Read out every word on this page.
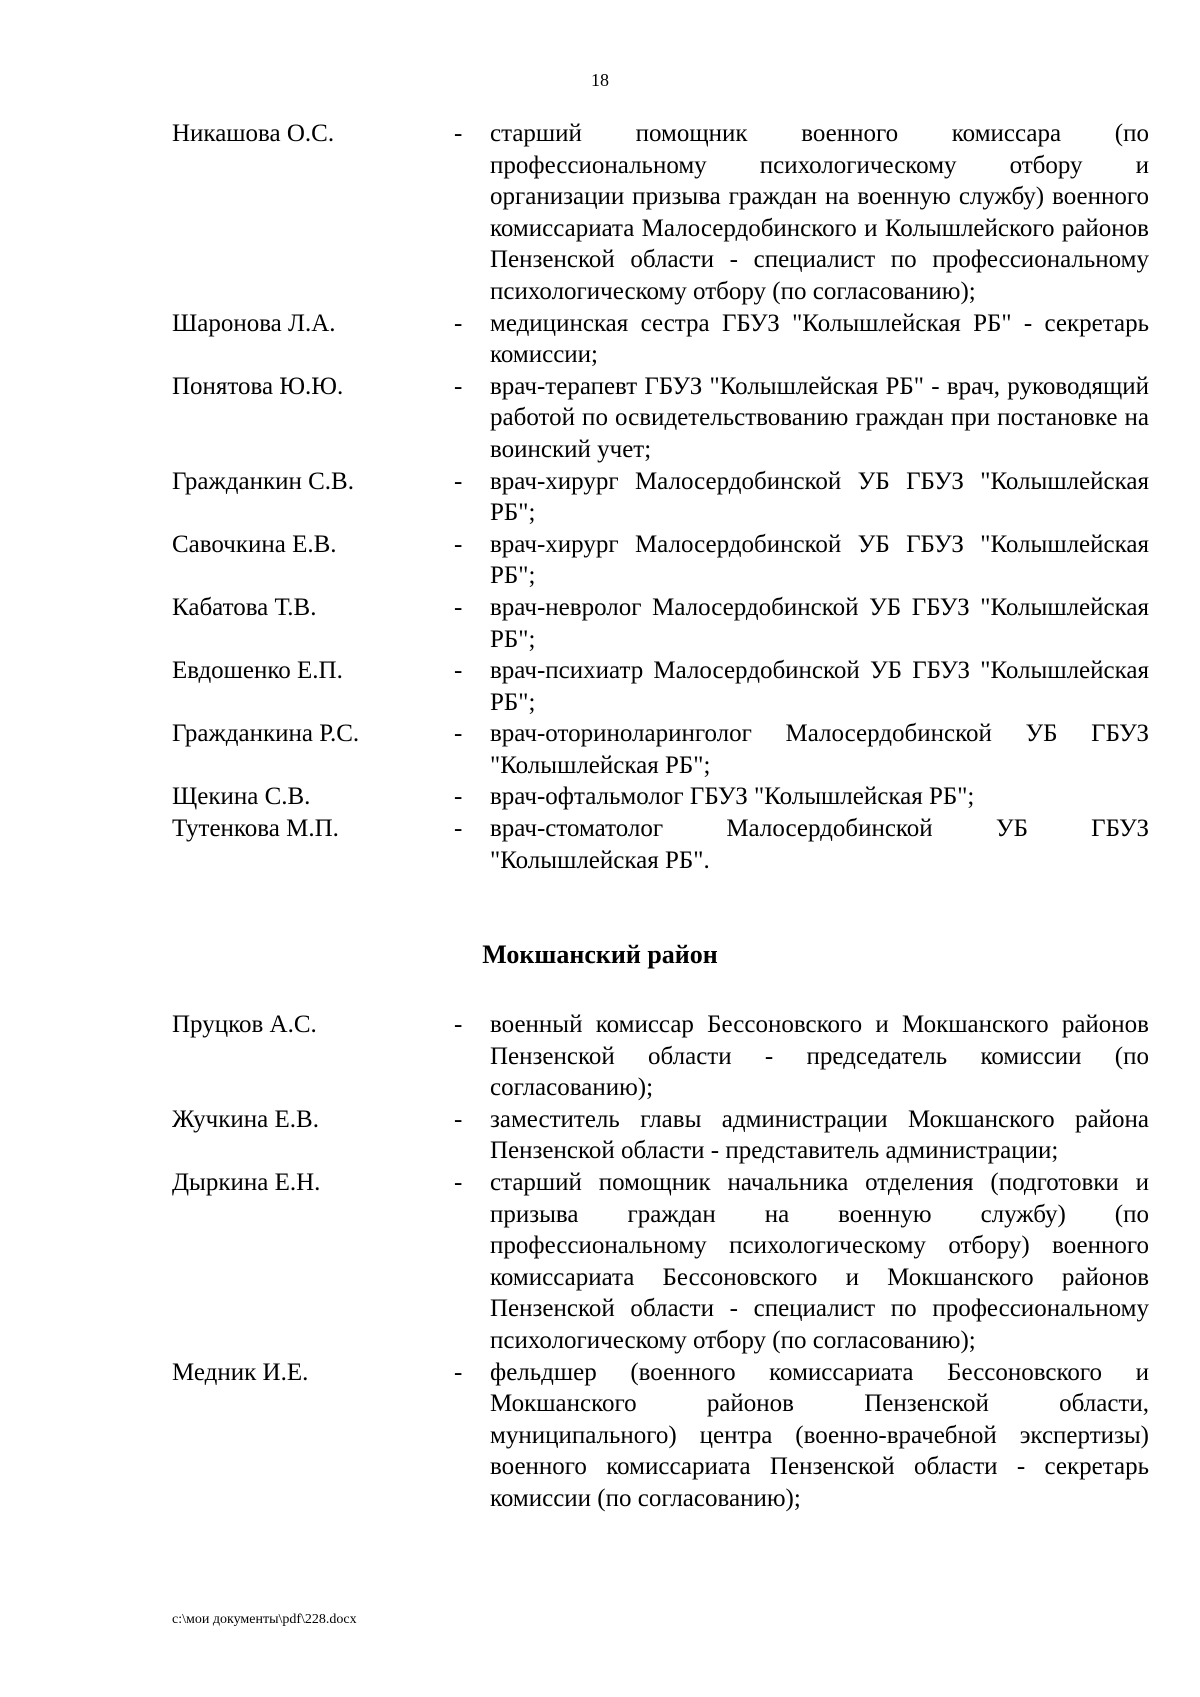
18
Никашова О.С.	- старший помощник военного комиссара (по профессиональному психологическому отбору и организации призыва граждан на военную службу) военного комиссариата Малосердобинского и Колышлейского районов Пензенской области - специалист по профессиональному психологическому отбору (по согласованию);
Шаронова Л.А.	- медицинская сестра ГБУЗ "Колышлейская РБ" - секретарь комиссии;
Понятова Ю.Ю.	- врач-терапевт ГБУЗ "Колышлейская РБ" - врач, руководящий работой по освидетельствованию граждан при постановке на воинский учет;
Гражданкин С.В.	- врач-хирург Малосердобинской УБ ГБУЗ "Колышлейская РБ";
Савочкина Е.В.	- врач-хирург Малосердобинской УБ ГБУЗ "Колышлейская РБ";
Кабатова Т.В.	- врач-невролог Малосердобинской УБ ГБУЗ "Колышлейская РБ";
Евдошенко Е.П.	- врач-психиатр Малосердобинской УБ ГБУЗ "Колышлейская РБ";
Гражданкина Р.С.	- врач-оториноларинголог Малосердобинской УБ ГБУЗ "Колышлейская РБ";
Щекина С.В.	- врач-офтальмолог ГБУЗ "Колышлейская РБ";
Тутенкова М.П.	- врач-стоматолог Малосердобинской УБ ГБУЗ "Колышлейская РБ".
Мокшанский район
Пруцков А.С.	- военный комиссар Бессоновского и Мокшанского районов Пензенской области - председатель комиссии (по согласованию);
Жучкина Е.В.	- заместитель главы администрации Мокшанского района Пензенской области - представитель администрации;
Дыркина Е.Н.	- старший помощник начальника отделения (подготовки и призыва граждан на военную службу) (по профессиональному психологическому отбору) военного комиссариата Бессоновского и Мокшанского районов Пензенской области - специалист по профессиональному психологическому отбору (по согласованию);
Медник И.Е.	- фельдшер (военного комиссариата Бессоновского и Мокшанского районов Пензенской области, муниципального) центра (военно-врачебной экспертизы) военного комиссариата Пензенской области - секретарь комиссии (по согласованию);
c:\мои документы\pdf\228.docx
